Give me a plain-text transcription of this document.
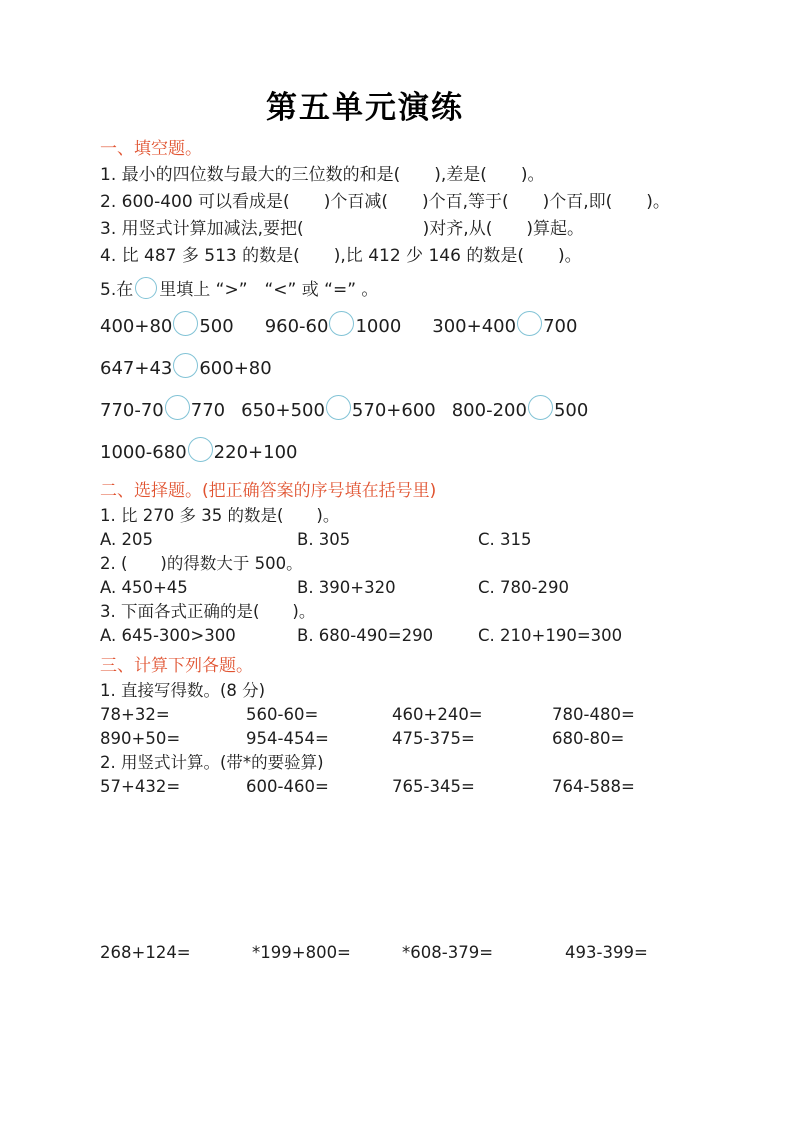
第五单元演练
一、填空题。
1. 最小的四位数与最大的三位数的和是(　　),差是(　　)。
2. 600-400 可以看成是(　　)个百减(　　)个百,等于(　　)个百,即(　　)。
3. 用竖式计算加减法,要把(　　　　　　　)对齐,从(　　)算起。
4. 比 487 多 513 的数是(　　),比 412 少 146 的数是(　　)。
5.在 里填上 “>”　“<” 或 “=” 。
400+80 500 960-60 1000 300+400 700
647+43 600+80
770-70 770 650+500 570+600 800-200 500
1000-680 220+100
二、选择题。(把正确答案的序号填在括号里)
1. 比 270 多 35 的数是(　　)。
A. 205	B. 305	C. 315
2. (　　)的得数大于 500。
A. 450+45	B. 390+320	C. 780-290
3. 下面各式正确的是(　　)。
A. 645-300>300	B. 680-490=290	C. 210+190=300
三、计算下列各题。
1. 直接写得数。(8 分)
78+32=	560-60=	460+240=	780-480=
890+50=	954-454=	475-375=	680-80=
2. 用竖式计算。(带*的要验算)
57+432=	600-460=	765-345=	764-588=
268+124=	*199+800=	*608-379=	493-399=
